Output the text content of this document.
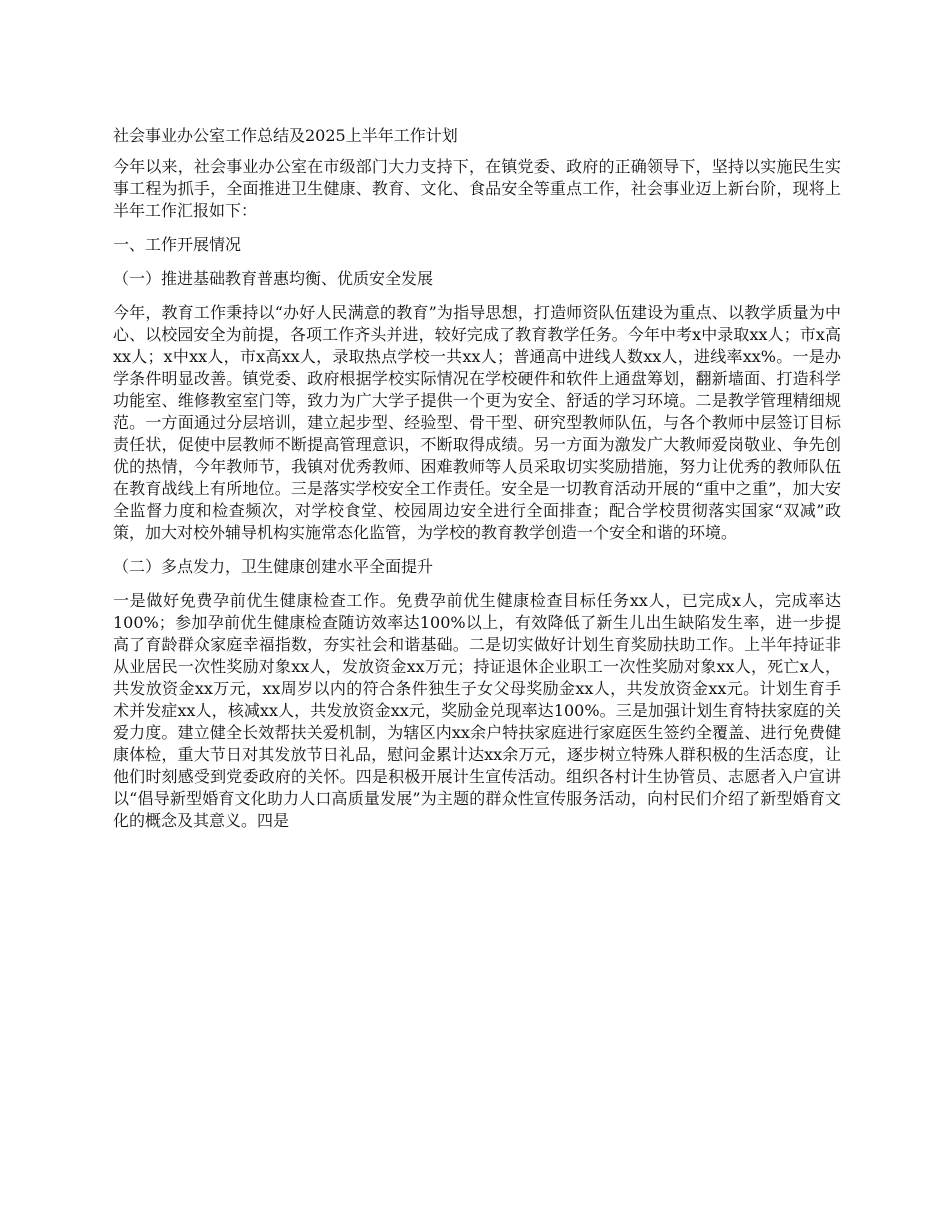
社会事业办公室工作总结及2025上半年工作计划

今年以来，社会事业办公室在市级部门大力支持下，在镇党委、政府的正确领导下，坚持以实施民生实事工程为抓手，全面推进卫生健康、教育、文化、食品安全等重点工作，社会事业迈上新台阶，现将上半年工作汇报如下：

一、工作开展情况
（一）推进基础教育普惠均衡、优质安全发展

今年，教育工作秉持以“办好人民满意的教育”为指导思想，打造师资队伍建设为重点、以教学质量为中心、以校园安全为前提，各项工作齐头并进，较好完成了教育教学任务。今年中考x中录取xx人；市x高xx人；x中xx人，市x高xx人，录取热点学校一共xx人；普通高中进线人数xx人，进线率xx%。一是办学条件明显改善。镇党委、政府根据学校实际情况在学校硬件和软件上通盘筹划，翻新墙面、打造科学功能室、维修教室室门等，致力为广大学子提供一个更为安全、舒适的学习环境。二是教学管理精细规范。一方面通过分层培训，建立起步型、经验型、骨干型、研究型教师队伍，与各个教师中层签订目标责任状，促使中层教师不断提高管理意识，不断取得成绩。另一方面为激发广大教师爱岗敬业、争先创优的热情，今年教师节，我镇对优秀教师、困难教师等人员采取切实奖励措施，努力让优秀的教师队伍在教育战线上有所地位。三是落实学校安全工作责任。安全是一切教育活动开展的“重中之重”，加大安全监督力度和检查频次，对学校食堂、校园周边安全进行全面排查；配合学校贯彻落实国家“双减”政策，加大对校外辅导机构实施常态化监管，为学校的教育教学创造一个安全和谐的环境。

（二）多点发力，卫生健康创建水平全面提升

一是做好免费孕前优生健康检查工作。免费孕前优生健康检查目标任务xx人，已完成x人，完成率达100%；参加孕前优生健康检查随访效率达100%以上，有效降低了新生儿出生缺陷发生率，进一步提高了育龄群众家庭幸福指数，夯实社会和谐基础。二是切实做好计划生育奖励扶助工作。上半年持证非从业居民一次性奖励对象xx人，发放资金xx万元；持证退休企业职工一次性奖励对象xx人，死亡x人，共发放资金xx万元，xx周岁以内的符合条件独生子女父母奖励金xx人，共发放资金xx元。计划生育手术并发症xx人，核减xx人，共发放资金xx元，奖励金兑现率达100%。三是加强计划生育特扶家庭的关爱力度。建立健全长效帮扶关爱机制，为辖区内xx余户特扶家庭进行家庭医生签约全覆盖、进行免费健康体检，重大节日对其发放节日礼品，慰问金累计达xx余万元，逐步树立特殊人群积极的生活态度，让他们时刻感受到党委政府的关怀。四是积极开展计生宣传活动。组织各村计生协管员、志愿者入户宣讲以“倡导新型婚育文化助力人口高质量发展”为主题的群众性宣传服务活动，向村民们介绍了新型婚育文化的概念及其意义。四是
